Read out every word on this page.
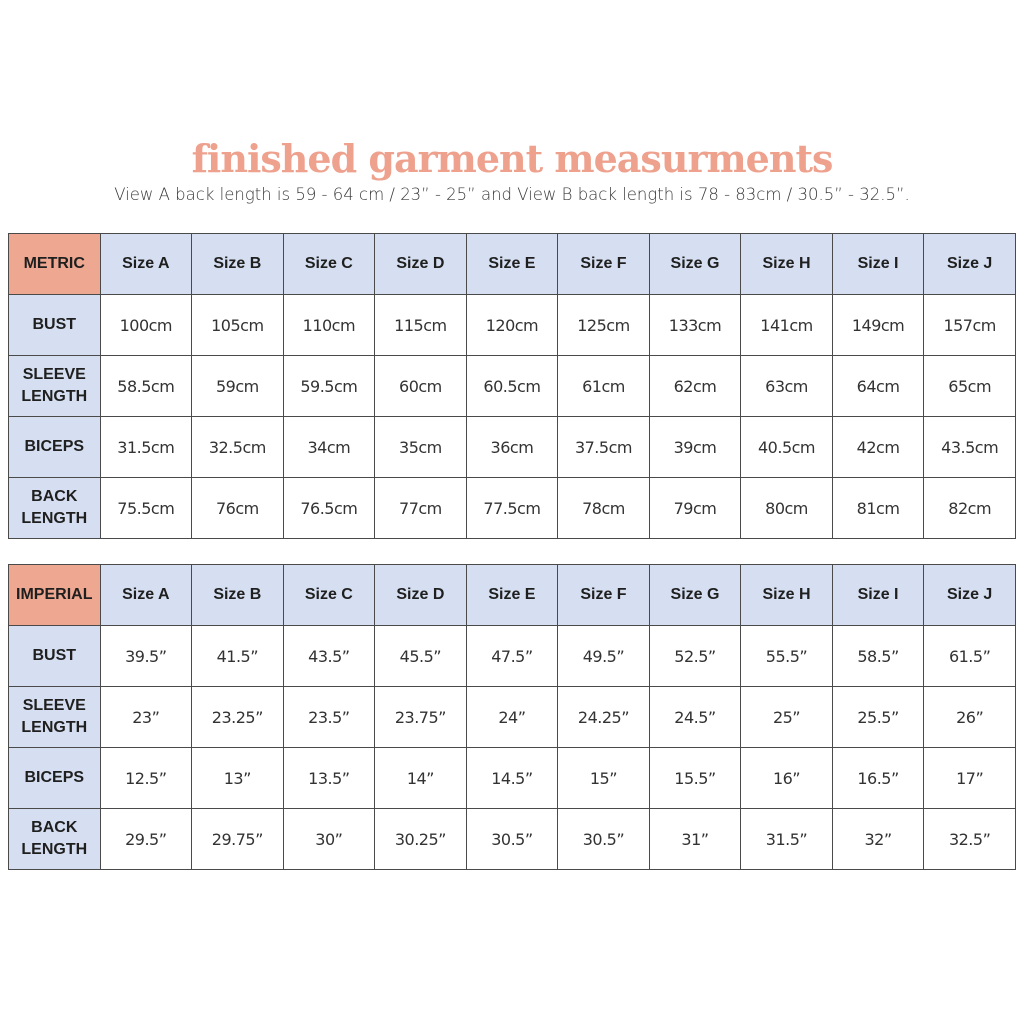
finished garment measurments
View A back length is 59 - 64 cm / 23” - 25” and View B back length is 78 - 83cm / 30.5” - 32.5”.
METRIC	Size A	Size B	Size C	Size D	Size E	Size F	Size G	Size H	Size I	Size J
BUST	100cm	105cm	110cm	115cm	120cm	125cm	133cm	141cm	149cm	157cm
SLEEVE
LENGTH	58.5cm	59cm	59.5cm	60cm	60.5cm	61cm	62cm	63cm	64cm	65cm
BICEPS	31.5cm	32.5cm	34cm	35cm	36cm	37.5cm	39cm	40.5cm	42cm	43.5cm
BACK
LENGTH	75.5cm	76cm	76.5cm	77cm	77.5cm	78cm	79cm	80cm	81cm	82cm
IMPERIAL	Size A	Size B	Size C	Size D	Size E	Size F	Size G	Size H	Size I	Size J
BUST	39.5”	41.5”	43.5”	45.5”	47.5”	49.5”	52.5”	55.5”	58.5”	61.5”
SLEEVE
LENGTH	23”	23.25”	23.5”	23.75”	24”	24.25”	24.5”	25”	25.5”	26”
BICEPS	12.5”	13”	13.5”	14”	14.5”	15”	15.5”	16”	16.5”	17”
BACK
LENGTH	29.5”	29.75”	30”	30.25”	30.5”	30.5”	31”	31.5”	32”	32.5”
